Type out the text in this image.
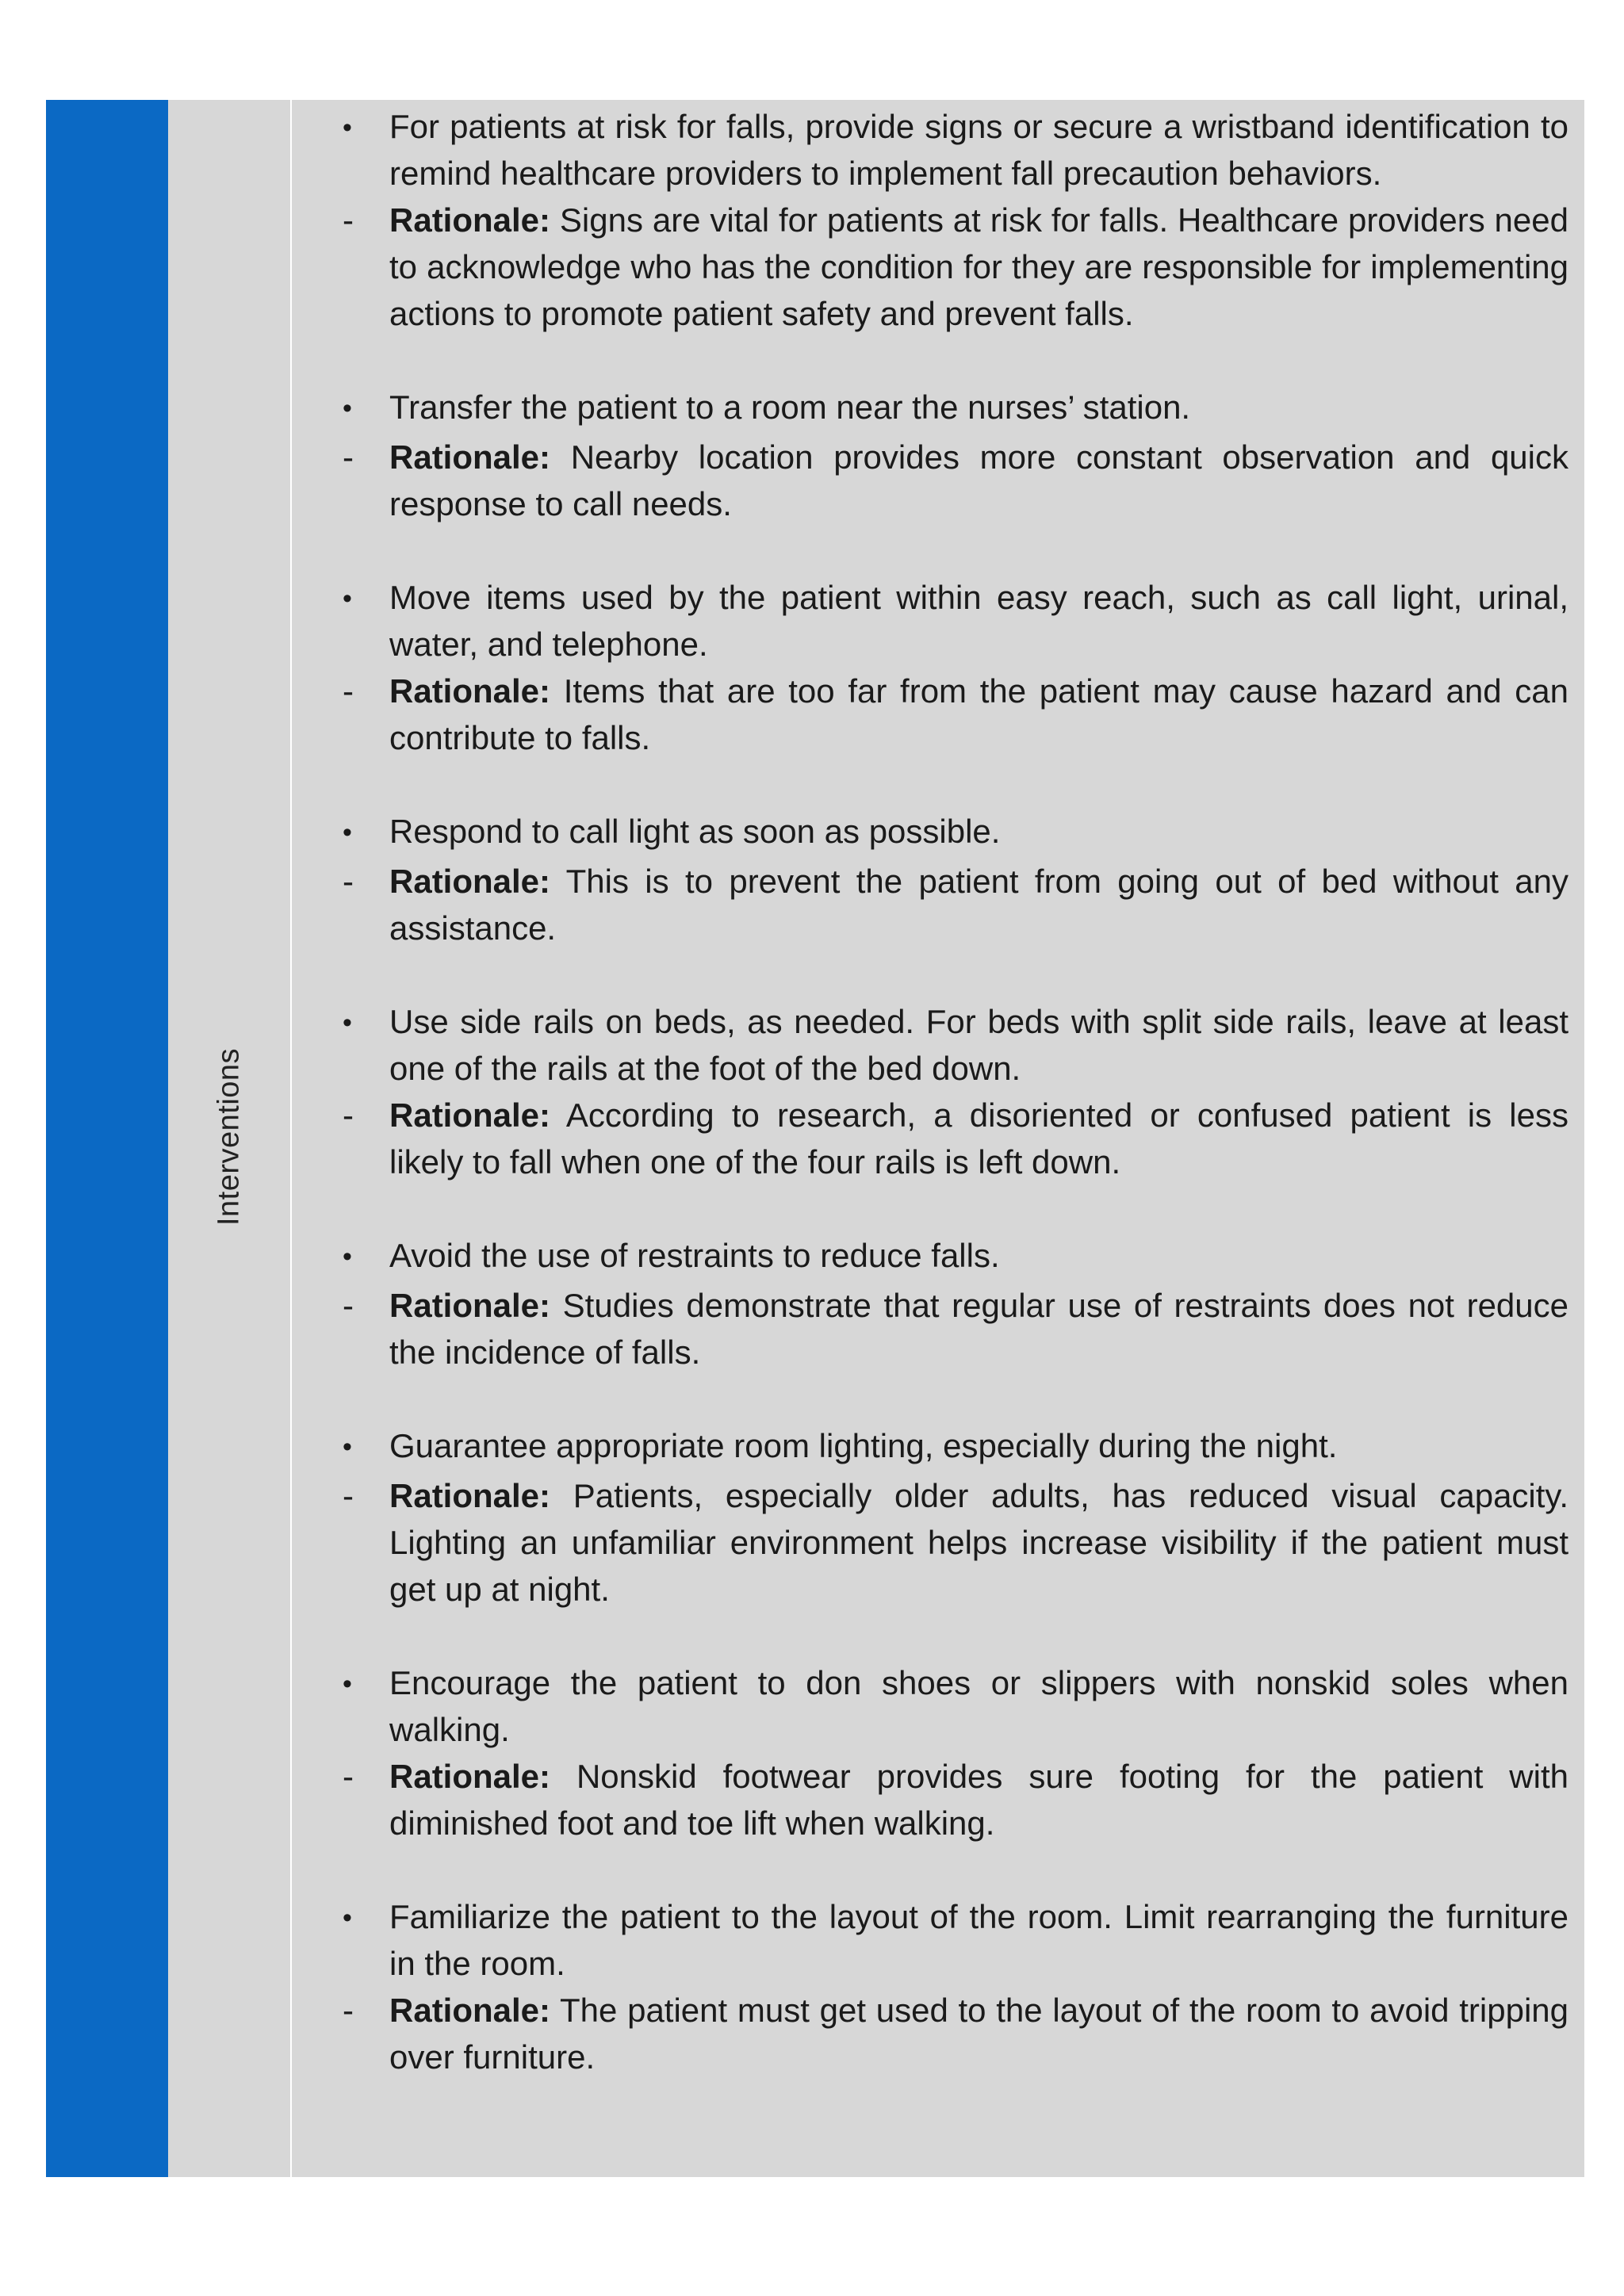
Interventions
•	For patients at risk for falls, provide signs or secure a wristband identification to remind healthcare providers to implement fall precaution behaviors.
-	Rationale: Signs are vital for patients at risk for falls. Healthcare providers need to acknowledge who has the condition for they are responsible for implementing actions to promote patient safety and prevent falls.
•	Transfer the patient to a room near the nurses’ station.
-	Rationale: Nearby location provides more constant observation and quick response to call needs.
•	Move items used by the patient within easy reach, such as call light, urinal, water, and telephone.
-	Rationale: Items that are too far from the patient may cause hazard and can contribute to falls.
•	Respond to call light as soon as possible.
-	Rationale: This is to prevent the patient from going out of bed without any assistance.
•	Use side rails on beds, as needed. For beds with split side rails, leave at least one of the rails at the foot of the bed down.
-	Rationale: According to research, a disoriented or confused patient is less likely to fall when one of the four rails is left down.
•	Avoid the use of restraints to reduce falls.
-	Rationale: Studies demonstrate that regular use of restraints does not reduce the incidence of falls.
•	Guarantee appropriate room lighting, especially during the night.
-	Rationale: Patients, especially older adults, has reduced visual capacity. Lighting an unfamiliar environment helps increase visibility if the patient must get up at night.
•	Encourage the patient to don shoes or slippers with nonskid soles when walking.
-	Rationale: Nonskid footwear provides sure footing for the patient with diminished foot and toe lift when walking.
•	Familiarize the patient to the layout of the room. Limit rearranging the furniture in the room.
-	Rationale: The patient must get used to the layout of the room to avoid tripping over furniture.
